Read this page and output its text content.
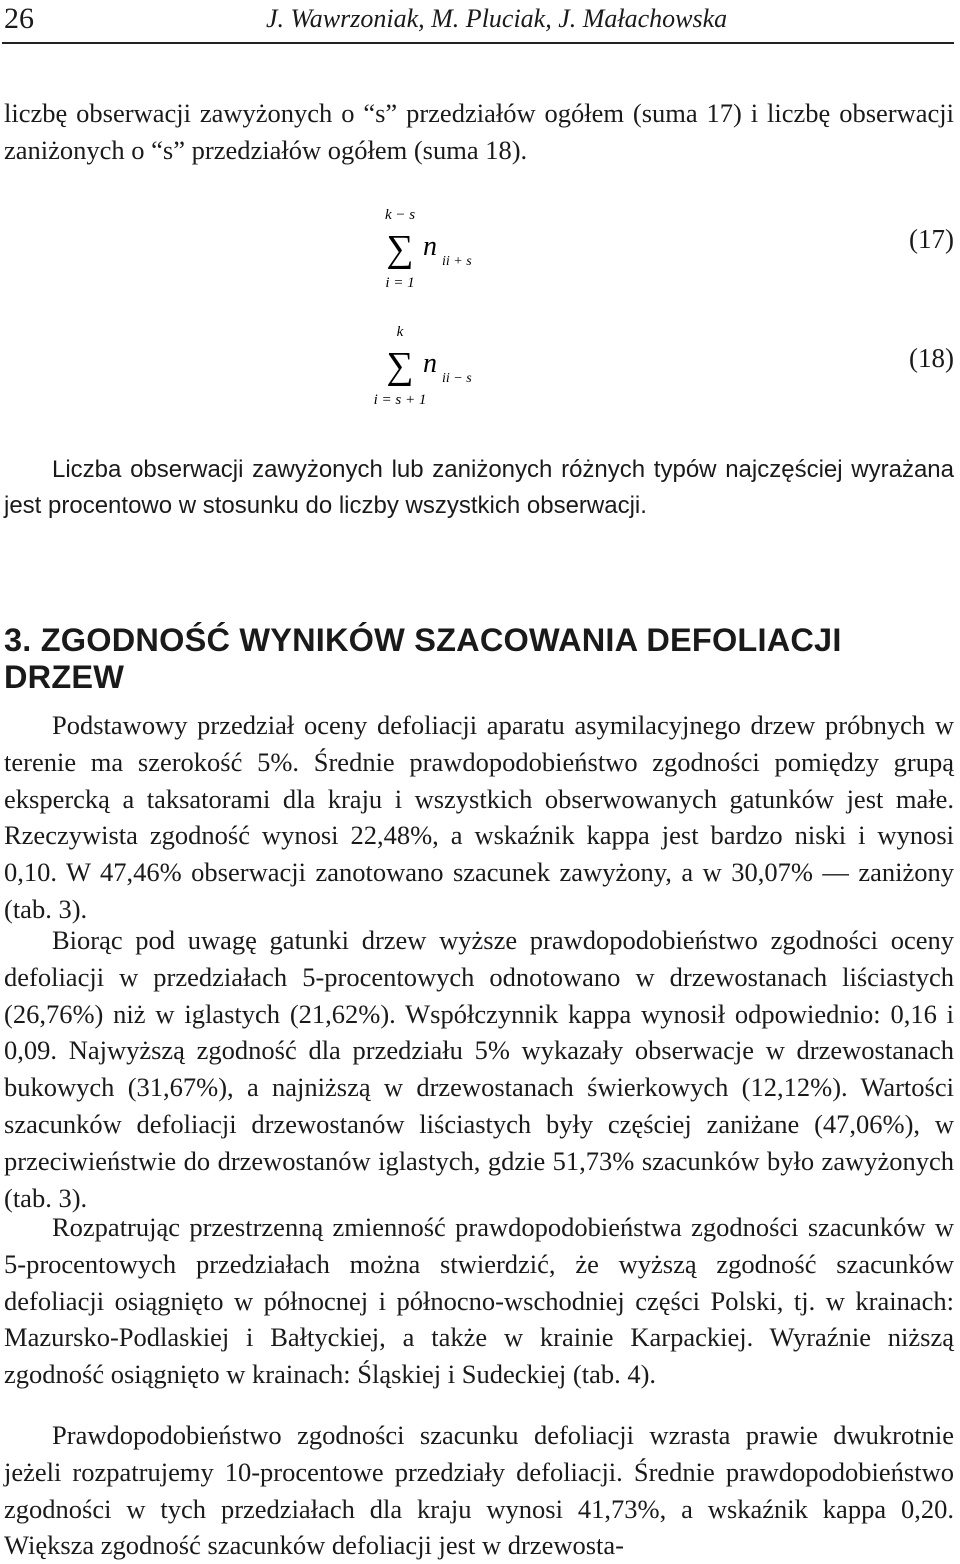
26	J. Wawrzoniak, M. Pluciak, J. Małachowska

liczbę obserwacji zawyżonych o “s” przedziałów ogółem (suma 17) i liczbę obserwacji zaniżonych o “s” przedziałów ogółem (suma 18).

k − s
∑
i = 1
n ii + s
(17)
k
∑
i = s + 1
n ii − s
(18)

Liczba obserwacji zawyżonych lub zaniżonych różnych typów najczęściej wyrażana jest procentowo w stosunku do liczby wszystkich obserwacji.

3. ZGODNOŚĆ WYNIKÓW SZACOWANIA DEFOLIACJI DRZEW

Podstawowy przedział oceny defoliacji aparatu asymilacyjnego drzew próbnych w terenie ma szerokość 5%. Średnie prawdopodobieństwo zgodności pomiędzy grupą ekspercką a taksatorami dla kraju i wszystkich obserwowanych gatunków jest małe. Rzeczywista zgodność wynosi 22,48%, a wskaźnik kappa jest bardzo niski i wynosi 0,10. W 47,46% obserwacji zanotowano szacunek zawyżony, a w 30,07% — zaniżony (tab. 3).

Biorąc pod uwagę gatunki drzew wyższe prawdopodobieństwo zgodności oceny defoliacji w przedziałach 5-procentowych odnotowano w drzewostanach liściastych (26,76%) niż w iglastych (21,62%). Współczynnik kappa wynosił odpowiednio: 0,16 i 0,09. Najwyższą zgodność dla przedziału 5% wykazały obserwacje w drzewostanach bukowych (31,67%), a najniższą w drzewostanach świerkowych (12,12%). Wartości szacunków defoliacji drzewostanów liściastych były częściej zaniżane (47,06%), w przeciwieństwie do drzewostanów iglastych, gdzie 51,73% szacunków było zawyżonych (tab. 3).

Rozpatrując przestrzenną zmienność prawdopodobieństwa zgodności szacunków w 5-procentowych przedziałach można stwierdzić, że wyższą zgodność szacunków defoliacji osiągnięto w północnej i północno-wschodniej części Polski, tj. w krainach: Mazursko-Podlaskiej i Bałtyckiej, a także w krainie Karpackiej. Wyraźnie niższą zgodność osiągnięto w krainach: Śląskiej i Sudeckiej (tab. 4).

Prawdopodobieństwo zgodności szacunku defoliacji wzrasta prawie dwukrotnie jeżeli rozpatrujemy 10-procentowe przedziały defoliacji. Średnie prawdopodobieństwo zgodności w tych przedziałach dla kraju wynosi 41,73%, a wskaźnik kappa 0,20. Większa zgodność szacunków defoliacji jest w drzewosta-
